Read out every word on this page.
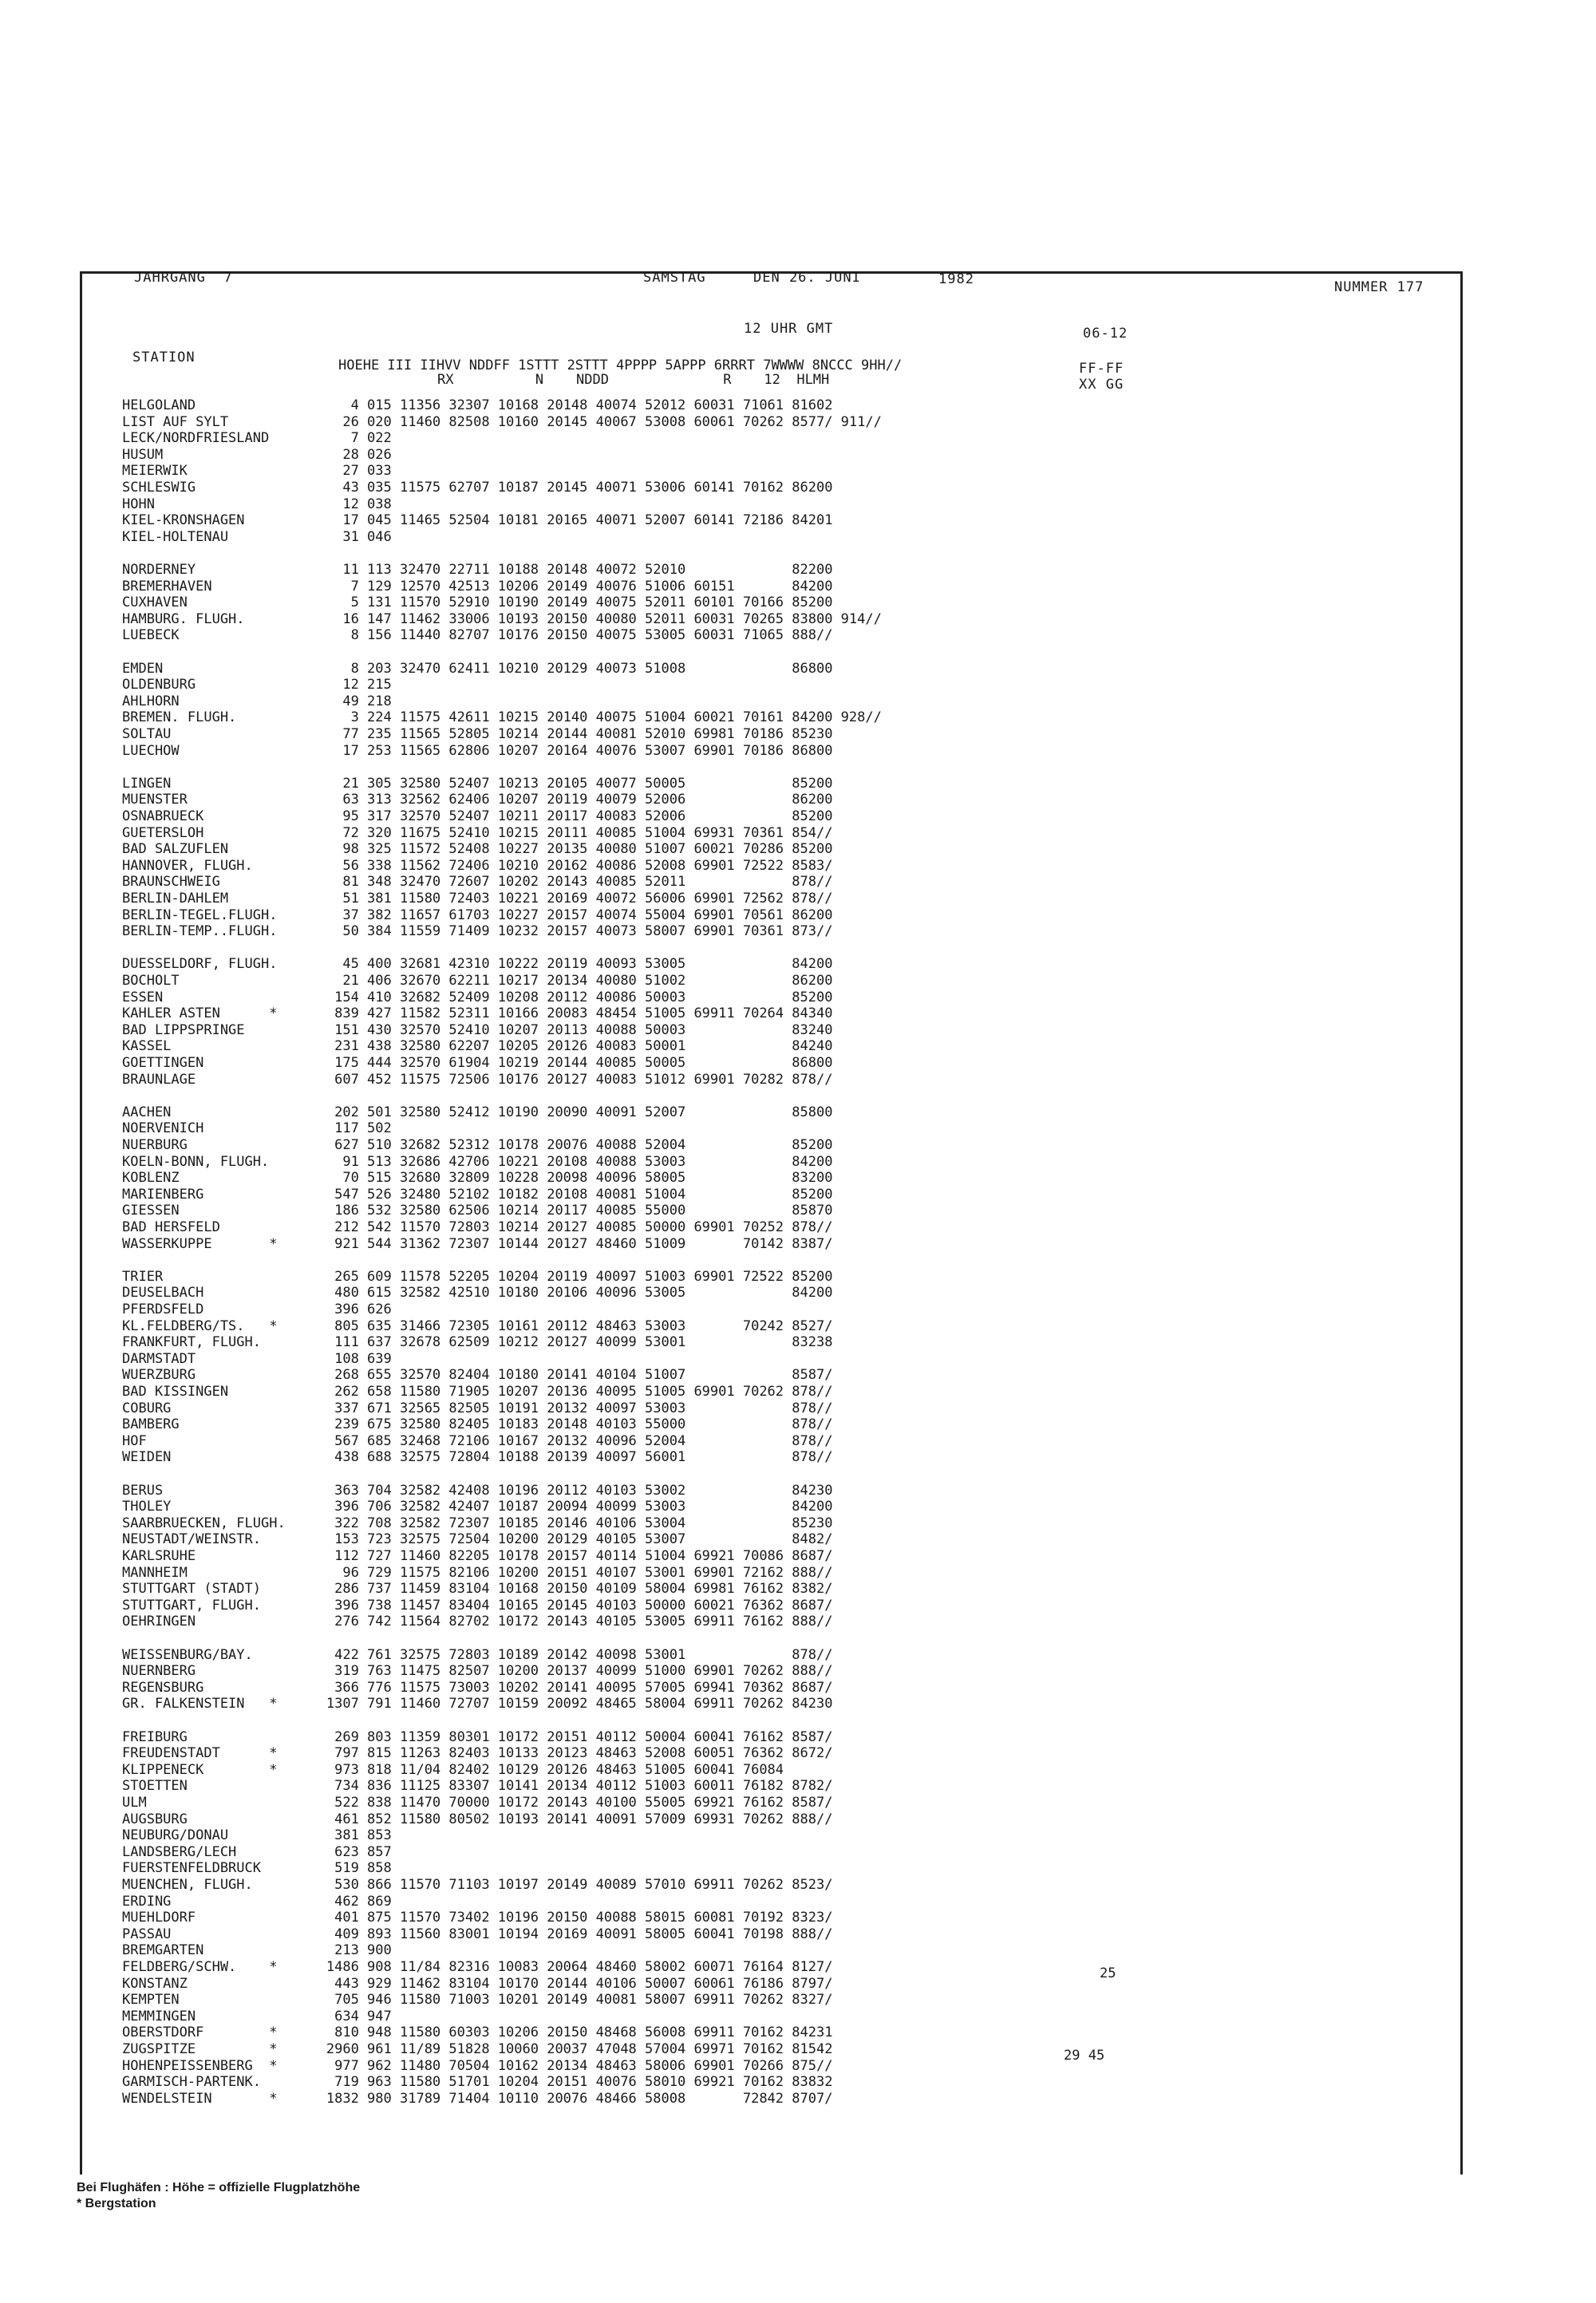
JAHRGANG  7	SAMSTAG	DEN 26. JUNI	1982	NUMMER 177
12 UHR GMT	06-12
STATION	HOEHE III IIHVV NDDFF 1STTT 2STTT 4PPPP 5APPP 6RRRT 7WWWW 8NCCC 9HH//
RX          N    NDDD              R    12  HLMH
FF-FF
XX GG
HELGOLAND                   4 015 11356 32307 10168 20148 40074 52012 60031 71061 81602
LIST AUF SYLT              26 020 11460 82508 10160 20145 40067 53008 60061 70262 8577/ 911//
LECK/NORDFRIESLAND          7 022
HUSUM                      28 026
MEIERWIK                   27 033
SCHLESWIG                  43 035 11575 62707 10187 20145 40071 53006 60141 70162 86200
HOHN                       12 038
KIEL-KRONSHAGEN            17 045 11465 52504 10181 20165 40071 52007 60141 72186 84201
KIEL-HOLTENAU              31 046
NORDERNEY                  11 113 32470 22711 10188 20148 40072 52010             82200
BREMERHAVEN                 7 129 12570 42513 10206 20149 40076 51006 60151       84200
CUXHAVEN                    5 131 11570 52910 10190 20149 40075 52011 60101 70166 85200
HAMBURG. FLUGH.            16 147 11462 33006 10193 20150 40080 52011 60031 70265 83800 914//
LUEBECK                     8 156 11440 82707 10176 20150 40075 53005 60031 71065 888//
EMDEN                       8 203 32470 62411 10210 20129 40073 51008             86800
OLDENBURG                  12 215
AHLHORN                    49 218
BREMEN. FLUGH.              3 224 11575 42611 10215 20140 40075 51004 60021 70161 84200 928//
SOLTAU                     77 235 11565 52805 10214 20144 40081 52010 69981 70186 85230
LUECHOW                    17 253 11565 62806 10207 20164 40076 53007 69901 70186 86800
LINGEN                     21 305 32580 52407 10213 20105 40077 50005             85200
MUENSTER                   63 313 32562 62406 10207 20119 40079 52006             86200
OSNABRUECK                 95 317 32570 52407 10211 20117 40083 52006             85200
GUETERSLOH                 72 320 11675 52410 10215 20111 40085 51004 69931 70361 854//
BAD SALZUFLEN              98 325 11572 52408 10227 20135 40080 51007 60021 70286 85200
HANNOVER, FLUGH.           56 338 11562 72406 10210 20162 40086 52008 69901 72522 8583/
BRAUNSCHWEIG               81 348 32470 72607 10202 20143 40085 52011             878//
BERLIN-DAHLEM              51 381 11580 72403 10221 20169 40072 56006 69901 72562 878//
BERLIN-TEGEL.FLUGH.        37 382 11657 61703 10227 20157 40074 55004 69901 70561 86200
BERLIN-TEMP..FLUGH.        50 384 11559 71409 10232 20157 40073 58007 69901 70361 873//
DUESSELDORF, FLUGH.        45 400 32681 42310 10222 20119 40093 53005             84200
BOCHOLT                    21 406 32670 62211 10217 20134 40080 51002             86200
ESSEN                     154 410 32682 52409 10208 20112 40086 50003             85200
KAHLER ASTEN      *       839 427 11582 52311 10166 20083 48454 51005 69911 70264 84340
BAD LIPPSPRINGE           151 430 32570 52410 10207 20113 40088 50003             83240
KASSEL                    231 438 32580 62207 10205 20126 40083 50001             84240
GOETTINGEN                175 444 32570 61904 10219 20144 40085 50005             86800
BRAUNLAGE                 607 452 11575 72506 10176 20127 40083 51012 69901 70282 878//
AACHEN                    202 501 32580 52412 10190 20090 40091 52007             85800
NOERVENICH                117 502
NUERBURG                  627 510 32682 52312 10178 20076 40088 52004             85200
KOELN-BONN, FLUGH.         91 513 32686 42706 10221 20108 40088 53003             84200
KOBLENZ                    70 515 32680 32809 10228 20098 40096 58005             83200
MARIENBERG                547 526 32480 52102 10182 20108 40081 51004             85200
GIESSEN                   186 532 32580 62506 10214 20117 40085 55000             85870
BAD HERSFELD              212 542 11570 72803 10214 20127 40085 50000 69901 70252 878//
WASSERKUPPE       *       921 544 31362 72307 10144 20127 48460 51009       70142 8387/
TRIER                     265 609 11578 52205 10204 20119 40097 51003 69901 72522 85200
DEUSELBACH                480 615 32582 42510 10180 20106 40096 53005             84200
PFERDSFELD                396 626
KL.FELDBERG/TS.   *       805 635 31466 72305 10161 20112 48463 53003       70242 8527/
FRANKFURT, FLUGH.         111 637 32678 62509 10212 20127 40099 53001             83238
DARMSTADT                 108 639
WUERZBURG                 268 655 32570 82404 10180 20141 40104 51007             8587/
BAD KISSINGEN             262 658 11580 71905 10207 20136 40095 51005 69901 70262 878//
COBURG                    337 671 32565 82505 10191 20132 40097 53003             878//
BAMBERG                   239 675 32580 82405 10183 20148 40103 55000             878//
HOF                       567 685 32468 72106 10167 20132 40096 52004             878//
WEIDEN                    438 688 32575 72804 10188 20139 40097 56001             878//
BERUS                     363 704 32582 42408 10196 20112 40103 53002             84230
THOLEY                    396 706 32582 42407 10187 20094 40099 53003             84200
SAARBRUECKEN, FLUGH.      322 708 32582 72307 10185 20146 40106 53004             85230
NEUSTADT/WEINSTR.         153 723 32575 72504 10200 20129 40105 53007             8482/
KARLSRUHE                 112 727 11460 82205 10178 20157 40114 51004 69921 70086 8687/
MANNHEIM                   96 729 11575 82106 10200 20151 40107 53001 69901 72162 888//
STUTTGART (STADT)         286 737 11459 83104 10168 20150 40109 58004 69981 76162 8382/
STUTTGART, FLUGH.         396 738 11457 83404 10165 20145 40103 50000 60021 76362 8687/
OEHRINGEN                 276 742 11564 82702 10172 20143 40105 53005 69911 76162 888//
WEISSENBURG/BAY.          422 761 32575 72803 10189 20142 40098 53001             878//
NUERNBERG                 319 763 11475 82507 10200 20137 40099 51000 69901 70262 888//
REGENSBURG                366 776 11575 73003 10202 20141 40095 57005 69941 70362 8687/
GR. FALKENSTEIN   *      1307 791 11460 72707 10159 20092 48465 58004 69911 70262 84230
FREIBURG                  269 803 11359 80301 10172 20151 40112 50004 60041 76162 8587/
FREUDENSTADT      *       797 815 11263 82403 10133 20123 48463 52008 60051 76362 8672/
KLIPPENECK        *       973 818 11/04 82402 10129 20126 48463 51005 60041 76084
STOETTEN                  734 836 11125 83307 10141 20134 40112 51003 60011 76182 8782/
ULM                       522 838 11470 70000 10172 20143 40100 55005 69921 76162 8587/
AUGSBURG                  461 852 11580 80502 10193 20141 40091 57009 69931 70262 888//
NEUBURG/DONAU             381 853
LANDSBERG/LECH            623 857
FUERSTENFELDBRUCK         519 858
MUENCHEN, FLUGH.          530 866 11570 71103 10197 20149 40089 57010 69911 70262 8523/
ERDING                    462 869
MUEHLDORF                 401 875 11570 73402 10196 20150 40088 58015 60081 70192 8323/
PASSAU                    409 893 11560 83001 10194 20169 40091 58005 60041 70198 888//
BREMGARTEN                213 900
FELDBERG/SCHW.    *      1486 908 11/84 82316 10083 20064 48460 58002 60071 76164 8127/
KONSTANZ                  443 929 11462 83104 10170 20144 40106 50007 60061 76186 8797/
KEMPTEN                   705 946 11580 71003 10201 20149 40081 58007 69911 70262 8327/
MEMMINGEN                 634 947
OBERSTDORF        *       810 948 11580 60303 10206 20150 48468 56008 69911 70162 84231
ZUGSPITZE         *      2960 961 11/89 51828 10060 20037 47048 57004 69971 70162 81542
HOHENPEISSENBERG  *       977 962 11480 70504 10162 20134 48463 58006 69901 70266 875//
GARMISCH-PARTENK.         719 963 11580 51701 10204 20151 40076 58010 69921 70162 83832
WENDELSTEIN       *      1832 980 31789 71404 10110 20076 48466 58008       72842 8707/
25
29 45
Bei Flughäfen : Höhe = offizielle Flugplatzhöhe
* Bergstation
